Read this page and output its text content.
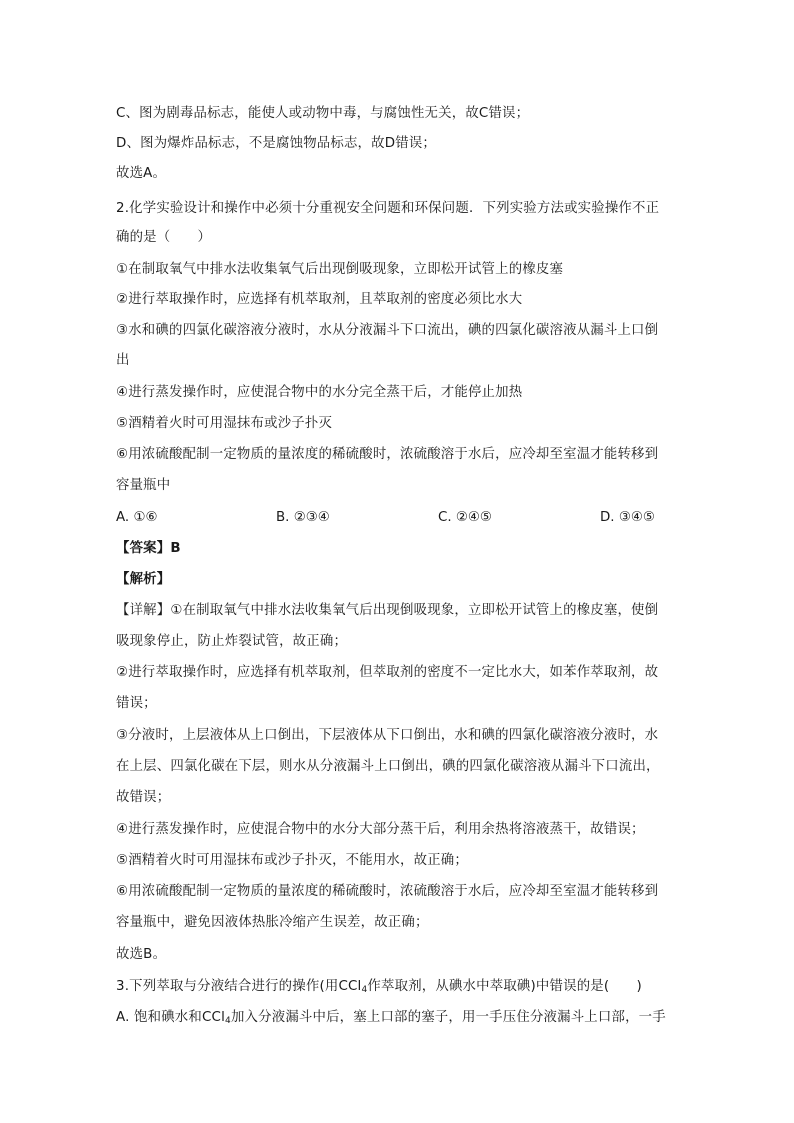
C、图为剧毒品标志，能使人或动物中毒，与腐蚀性无关，故C错误；
D、图为爆炸品标志，不是腐蚀物品标志，故D错误；
故选A。
2.化学实验设计和操作中必须十分重视安全问题和环保问题．下列实验方法或实验操作不正
确的是（　　）
①在制取氧气中排水法收集氧气后出现倒吸现象，立即松开试管上的橡皮塞
②进行萃取操作时，应选择有机萃取剂，且萃取剂的密度必须比水大
③水和碘的四氯化碳溶液分液时，水从分液漏斗下口流出，碘的四氯化碳溶液从漏斗上口倒
出
④进行蒸发操作时，应使混合物中的水分完全蒸干后，才能停止加热
⑤酒精着火时可用湿抹布或沙子扑灭
⑥用浓硫酸配制一定物质的量浓度的稀硫酸时，浓硫酸溶于水后，应冷却至室温才能转移到
容量瓶中
A. ①⑥	B. ②③④	C. ②④⑤	D. ③④⑤
【答案】B
【解析】
【详解】①在制取氧气中排水法收集氧气后出现倒吸现象，立即松开试管上的橡皮塞，使倒
吸现象停止，防止炸裂试管，故正确；
②进行萃取操作时，应选择有机萃取剂，但萃取剂的密度不一定比水大，如苯作萃取剂，故
错误；
③分液时，上层液体从上口倒出，下层液体从下口倒出，水和碘的四氯化碳溶液分液时，水
在上层、四氯化碳在下层，则水从分液漏斗上口倒出，碘的四氯化碳溶液从漏斗下口流出，
故错误；
④进行蒸发操作时，应使混合物中的水分大部分蒸干后，利用余热将溶液蒸干，故错误；
⑤酒精着火时可用湿抹布或沙子扑灭，不能用水，故正确；
⑥用浓硫酸配制一定物质的量浓度的稀硫酸时，浓硫酸溶于水后，应冷却至室温才能转移到
容量瓶中，避免因液体热胀冷缩产生误差，故正确；
故选B。
3.下列萃取与分液结合进行的操作(用CCl$_4$作萃取剂，从碘水中萃取碘)中错误的是(　　)
A. 饱和碘水和CCl$_4$加入分液漏斗中后，塞上口部的塞子，用一手压住分液漏斗上口部，一手
